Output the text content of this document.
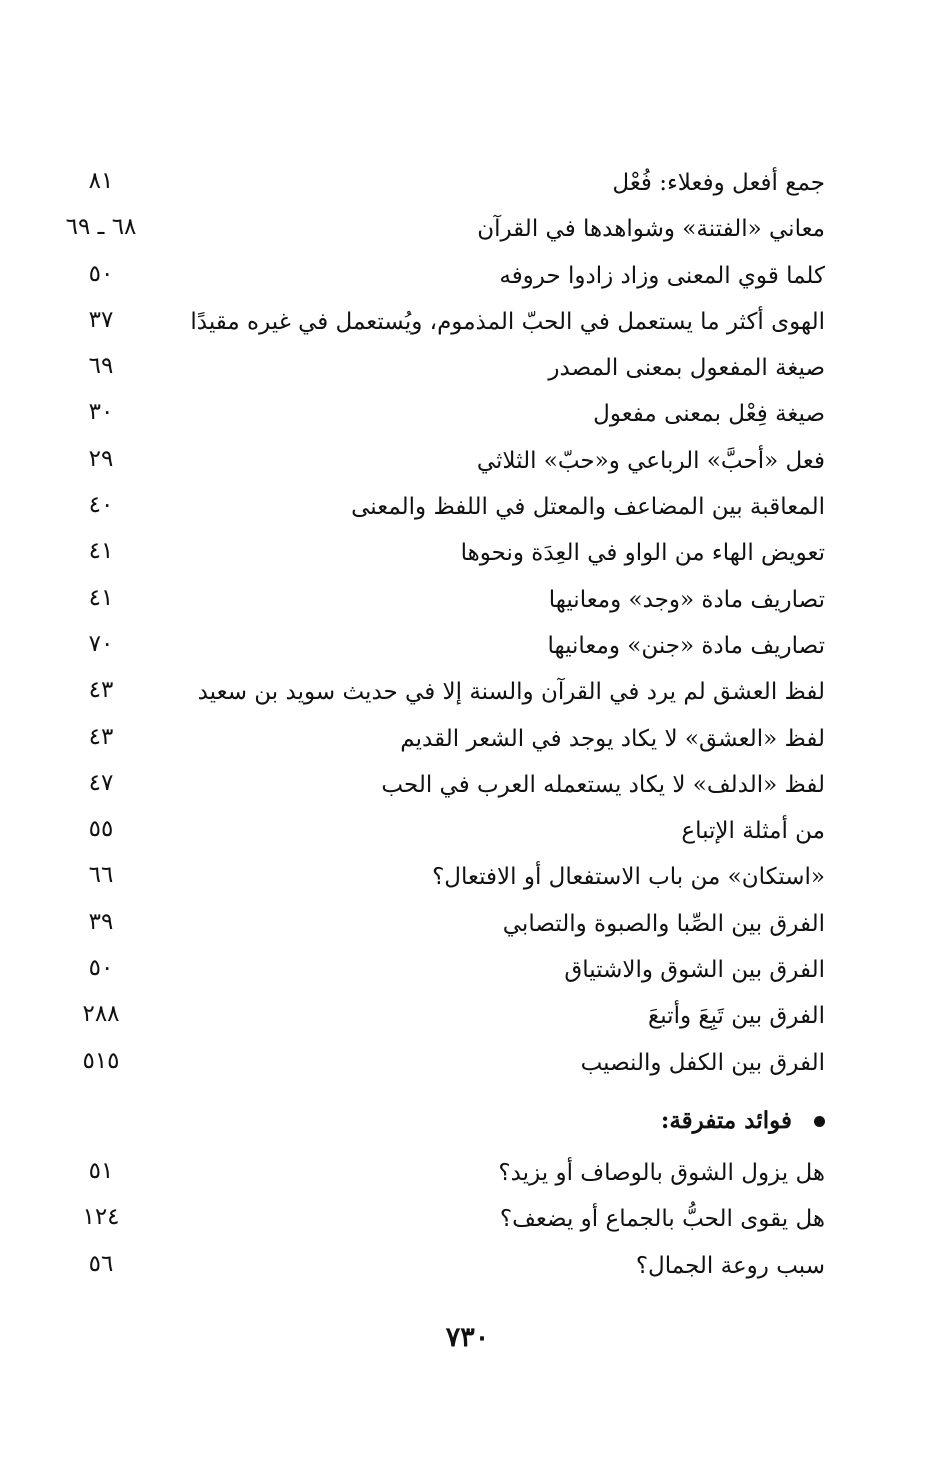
جمع أفعل وفعلاء: فُعْل
٨١
معاني «الفتنة» وشواهدها في القرآن
٦٨ ـ ٦٩
كلما قوي المعنى وزاد زادوا حروفه
٥٠
الهوى أكثر ما يستعمل في الحبّ المذموم، ويُستعمل في غيره مقيدًا
٣٧
صيغة المفعول بمعنى المصدر
٦٩
صيغة فِعْل بمعنى مفعول
٣٠
فعل «أحبَّ» الرباعي و«حبّ» الثلاثي
٢٩
المعاقبة بين المضاعف والمعتل في اللفظ والمعنى
٤٠
تعويض الهاء من الواو في العِدَة ونحوها
٤١
تصاريف مادة «وجد» ومعانيها
٤١
تصاريف مادة «جنن» ومعانيها
٧٠
لفظ العشق لم يرد في القرآن والسنة إلا في حديث سويد بن سعيد
٤٣
لفظ «العشق» لا يكاد يوجد في الشعر القديم
٤٣
لفظ «الدلف» لا يكاد يستعمله العرب في الحب
٤٧
من أمثلة الإتباع
٥٥
«استكان» من باب الاستفعال أو الافتعال؟
٦٦
الفرق بين الصِّبا والصبوة والتصابي
٣٩
الفرق بين الشوق والاشتياق
٥٠
الفرق بين تَبِعَ وأتبعَ
٢٨٨
الفرق بين الكفل والنصيب
٥١٥
فوائد متفرقة:
هل يزول الشوق بالوصاف أو يزيد؟
٥١
هل يقوى الحبُّ بالجماع أو يضعف؟
١٢٤
سبب روعة الجمال؟
٥٦
٧٣٠
